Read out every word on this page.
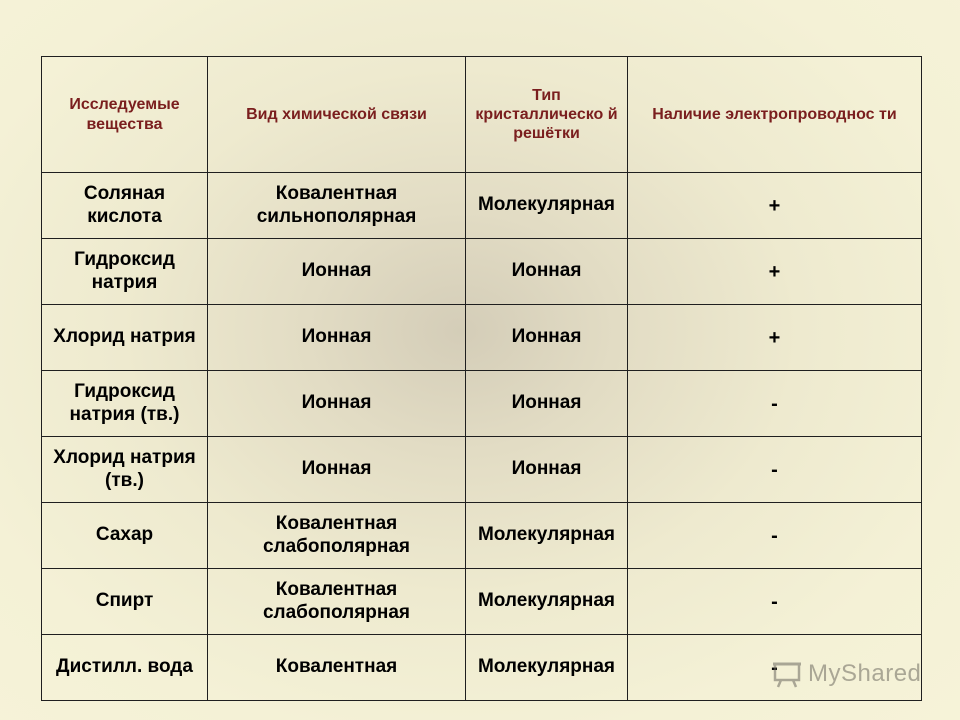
Исследуемые вещества	Вид химической связи	Тип кристаллическо й решётки	Наличие электропроводнос ти
Соляная кислота	Ковалентная сильнополярная	Молекулярная	+
Гидроксид натрия	Ионная	Ионная	+
Хлорид натрия	Ионная	Ионная	+
Гидроксид натрия (тв.)	Ионная	Ионная	-
Хлорид натрия (тв.)	Ионная	Ионная	-
Сахар	Ковалентная слабополярная	Молекулярная	-
Спирт	Ковалентная слабополярная	Молекулярная	-
Дистилл. вода	Ковалентная	Молекулярная	- MyShared
